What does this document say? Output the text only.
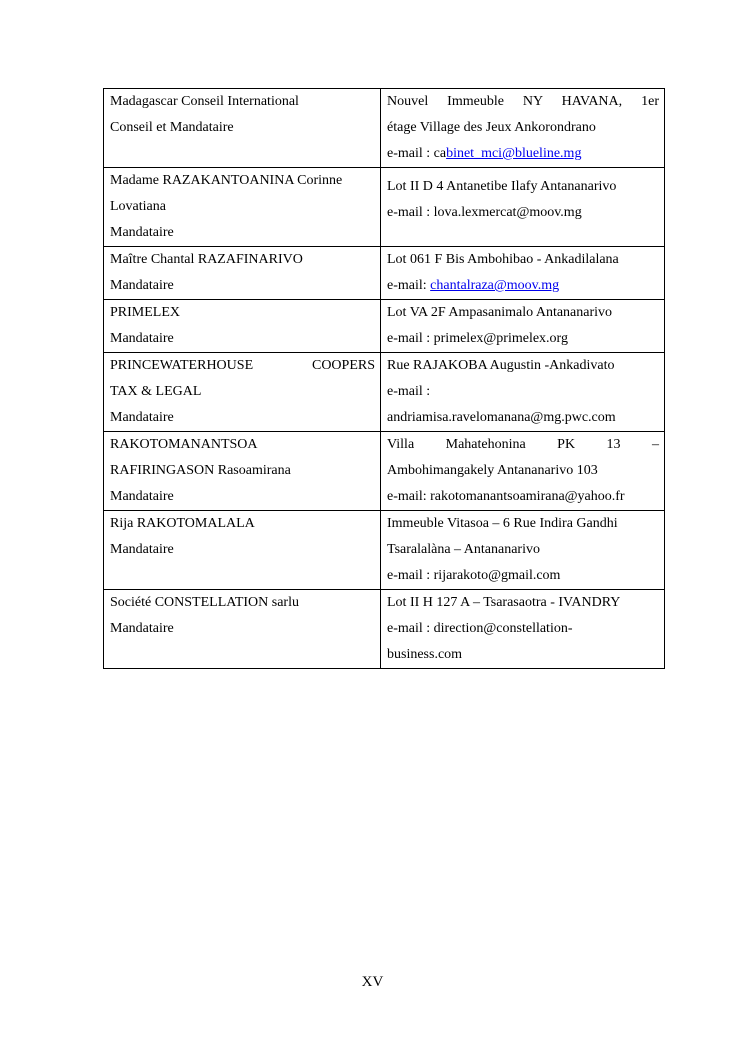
Madagascar Conseil International
Conseil et Mandataire	Nouvel Immeuble NY HAVANA, 1er
étage Village des Jeux Ankorondrano
e-mail : cabinet_mci@blueline.mg

Madame RAZAKANTOANINA Corinne
Lovatiana
Mandataire	Lot II D 4 Antanetibe Ilafy Antananarivo
e-mail : lova.lexmercat@moov.mg

Maître Chantal RAZAFINARIVO
Mandataire	Lot 061 F Bis Ambohibao - Ankadilalana
e-mail: chantalraza@moov.mg

PRIMELEX
Mandataire	Lot VA 2F Ampasanimalo Antananarivo
e-mail : primelex@primelex.org

PRINCEWATERHOUSE COOPERS
TAX & LEGAL
Mandataire	Rue RAJAKOBA Augustin -Ankadivato
e-mail :
andriamisa.ravelomanana@mg.pwc.com

RAKOTOMANANTSOA
RAFIRINGASON Rasoamirana
Mandataire	Villa Mahatehonina PK 13 –
Ambohimangakely Antananarivo 103
e-mail: rakotomanantsoamirana@yahoo.fr

Rija RAKOTOMALALA
Mandataire	Immeuble Vitasoa – 6 Rue Indira Gandhi
Tsaralalàna – Antananarivo
e-mail : rijarakoto@gmail.com

Société CONSTELLATION sarlu
Mandataire	Lot II H 127 A – Tsarasaotra - IVANDRY
e-mail : direction@constellation-
business.com
XV
